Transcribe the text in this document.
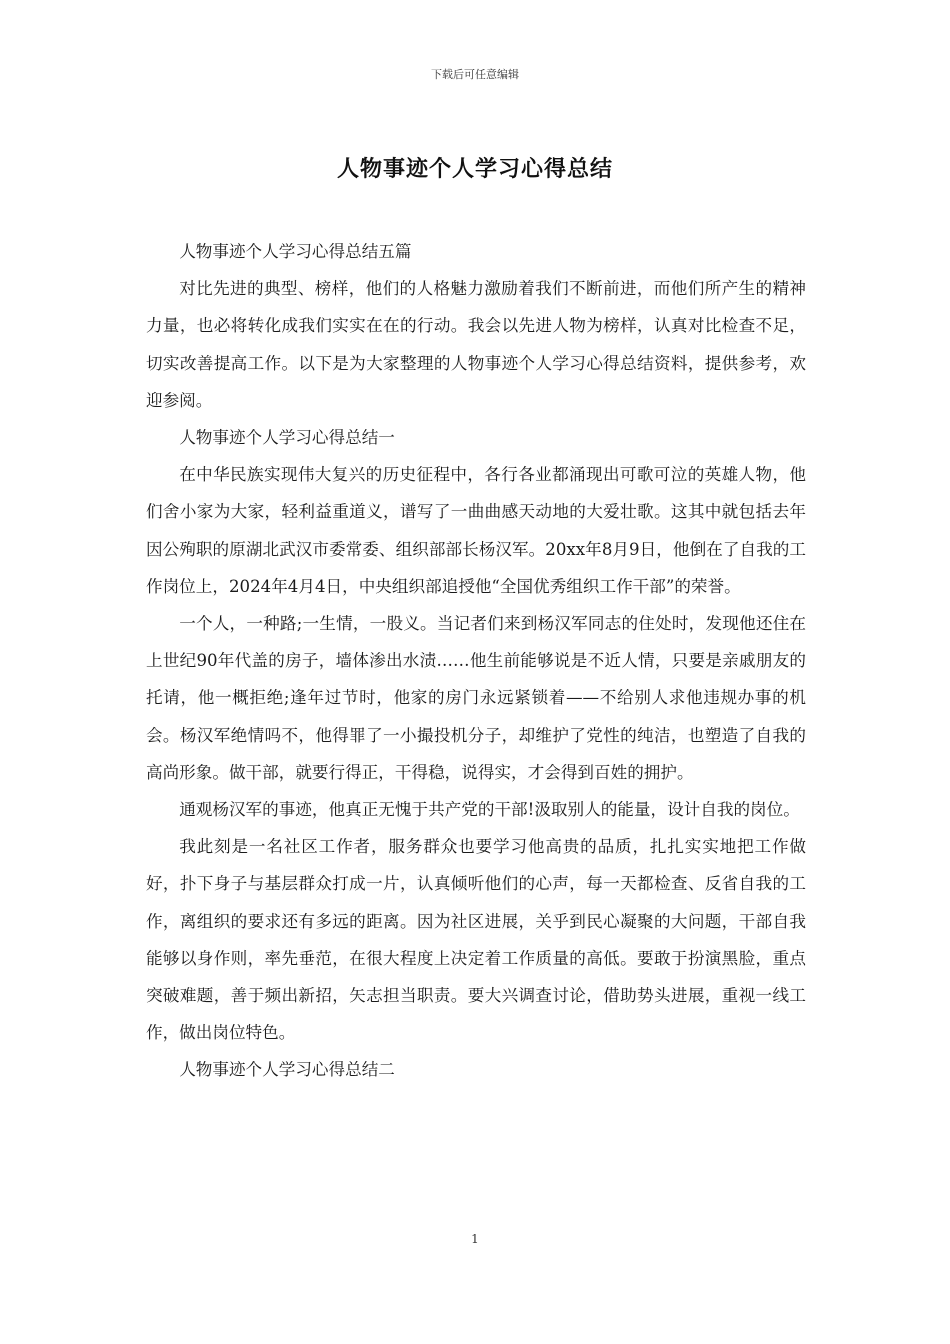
下载后可任意编辑
人物事迹个人学习心得总结

人物事迹个人学习心得总结五篇

对比先进的典型、榜样，他们的人格魅力激励着我们不断前进，而他们所产生的精神力量，也必将转化成我们实实在在的行动。我会以先进人物为榜样，认真对比检查不足，切实改善提高工作。以下是为大家整理的人物事迹个人学习心得总结资料，提供参考，欢迎参阅。

人物事迹个人学习心得总结一

在中华民族实现伟大复兴的历史征程中，各行各业都涌现出可歌可泣的英雄人物，他们舍小家为大家，轻利益重道义，谱写了一曲曲感天动地的大爱壮歌。这其中就包括去年因公殉职的原湖北武汉市委常委、组织部部长杨汉军。20xx年8月9日，他倒在了自我的工作岗位上，2024年4月4日，中央组织部追授他“全国优秀组织工作干部”的荣誉。

一个人，一种路;一生情，一股义。当记者们来到杨汉军同志的住处时，发现他还住在上世纪90年代盖的房子，墙体渗出水渍……他生前能够说是不近人情，只要是亲戚朋友的托请，他一概拒绝;逢年过节时，他家的房门永远紧锁着——不给别人求他违规办事的机会。杨汉军绝情吗不，他得罪了一小撮投机分子，却维护了党性的纯洁，也塑造了自我的高尚形象。做干部，就要行得正，干得稳，说得实，才会得到百姓的拥护。

通观杨汉军的事迹，他真正无愧于共产党的干部!汲取别人的能量，设计自我的岗位。

我此刻是一名社区工作者，服务群众也要学习他高贵的品质，扎扎实实地把工作做好，扑下身子与基层群众打成一片，认真倾听他们的心声，每一天都检查、反省自我的工作，离组织的要求还有多远的距离。因为社区进展，关乎到民心凝聚的大问题，干部自我能够以身作则，率先垂范，在很大程度上决定着工作质量的高低。要敢于扮演黑脸，重点突破难题，善于频出新招，矢志担当职责。要大兴调查讨论，借助势头进展，重视一线工作，做出岗位特色。

人物事迹个人学习心得总结二

1
